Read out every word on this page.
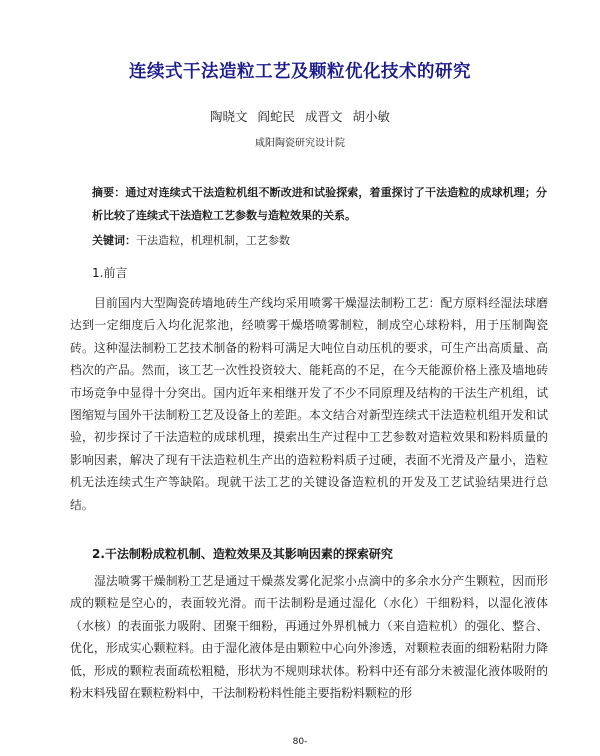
连续式干法造粒工艺及颗粒优化技术的研究
陶晓文 阎蛇民 成晋文 胡小敏
咸阳陶瓷研究设计院
摘要：通过对连续式干法造粒机组不断改进和试验探索，着重探讨了干法造粒的成球机理；分析比较了连续式干法造粒工艺参数与造粒效果的关系。
关键词：干法造粒，机理机制，工艺参数
1.前言
目前国内大型陶瓷砖墙地砖生产线均采用喷雾干燥湿法制粉工艺：配方原料经湿法球磨达到一定细度后入均化泥浆池，经喷雾干燥塔喷雾制粒，制成空心球粉料，用于压制陶瓷砖。这种湿法制粉工艺技术制备的粉料可满足大吨位自动压机的要求，可生产出高质量、高档次的产品。然而，该工艺一次性投资较大、能耗高的不足，在今天能源价格上涨及墙地砖市场竞争中显得十分突出。国内近年来相继开发了不少不同原理及结构的干法生产机组，试图缩短与国外干法制粉工艺及设备上的差距。本文结合对新型连续式干法造粒机组开发和试验，初步探讨了干法造粒的成球机理，摸索出生产过程中工艺参数对造粒效果和粉料质量的影响因素，解决了现有干法造粒机生产出的造粒粉料质子过硬，表面不光滑及产量小，造粒机无法连续式生产等缺陷。现就干法工艺的关键设备造粒机的开发及工艺试验结果进行总结。
2.干法制粉成粒机制、造粒效果及其影响因素的探索研究
湿法喷雾干燥制粉工艺是通过干燥蒸发雾化泥浆小点滴中的多余水分产生颗粒，因而形成的颗粒是空心的，表面较光滑。而干法制粉是通过湿化（水化）干细粉料，以湿化液体（水核）的表面张力吸附、团聚干细粉，再通过外界机械力（来自造粒机）的强化、整合、优化，形成实心颗粒料。由于湿化液体是由颗粒中心向外渗透，对颗粒表面的细粉粘附力降低，形成的颗粒表面疏松粗糙，形状为不规则球状体。粉料中还有部分未被湿化液体吸附的粉末料残留在颗粒粉料中，干法制粉粉料性能主要指粉料颗粒的形
80-
